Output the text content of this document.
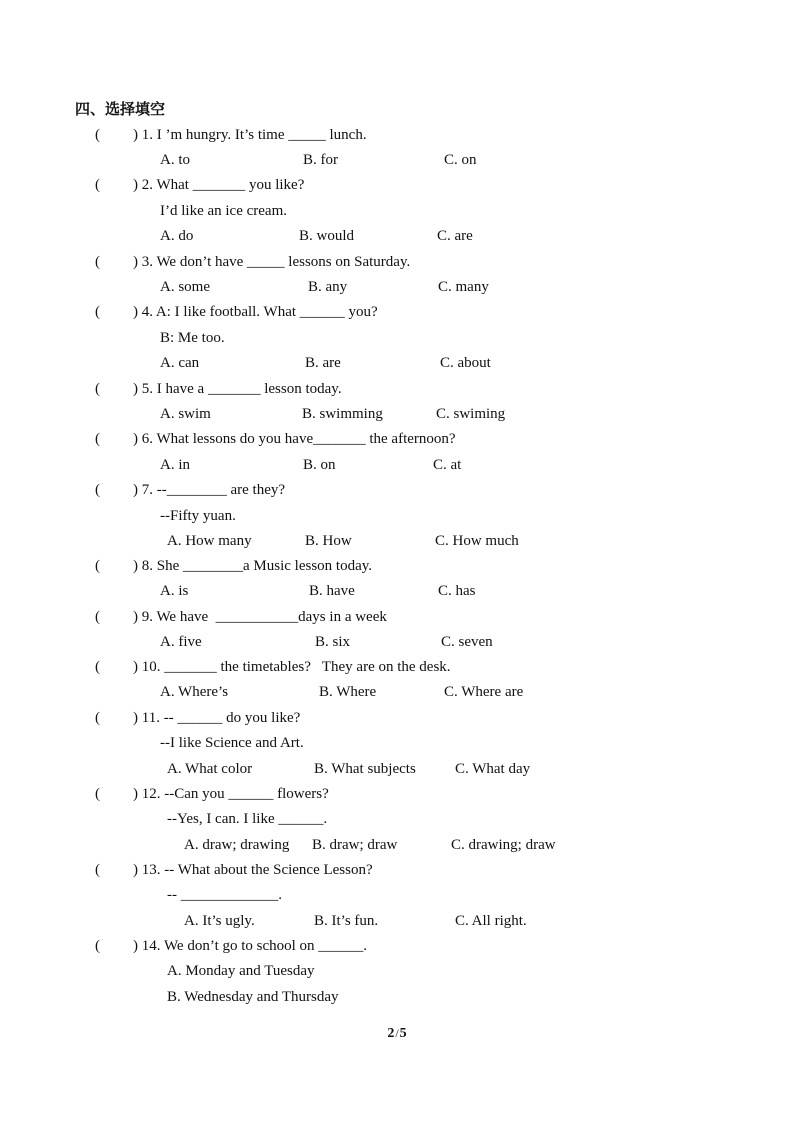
四、选择填空
( ) 1. I ’m hungry. It’s time _____ lunch.
A. to	B. for	C. on
( ) 2. What _______ you like?
I’d like an ice cream.
A. do	B. would	C. are
( ) 3. We don’t have _____ lessons on Saturday.
A. some	B. any	C. many
( ) 4. A: I like football. What ______ you?
B: Me too.
A. can	B. are	C. about
( ) 5. I have a _______ lesson today.
A. swim	B. swimming	C. swiming
( ) 6. What lessons do you have_______ the afternoon?
A. in	B. on	C. at
( ) 7. --________ are they?
--Fifty yuan.
A. How many	B. How	C. How much
( ) 8. She ________a Music lesson today.
A. is	B. have	C. has
( ) 9. We have  ___________days in a week
A. five	B. six	C. seven
( ) 10. _______ the timetables?   They are on the desk.
A. Where’s	B. Where	C. Where are
( ) 11. -- ______ do you like?
--I like Science and Art.
A. What color	B. What subjects	C. What day
( ) 12. --Can you ______ flowers?
--Yes, I can. I like ______.
A. draw; drawing B. draw; draw	C. drawing; draw
( ) 13. -- What about the Science Lesson?
-- _____________.
A. It’s ugly.	B. It’s fun.	C. All right.
( ) 14. We don’t go to school on ______.
A. Monday and Tuesday
B. Wednesday and Thursday
2/5
